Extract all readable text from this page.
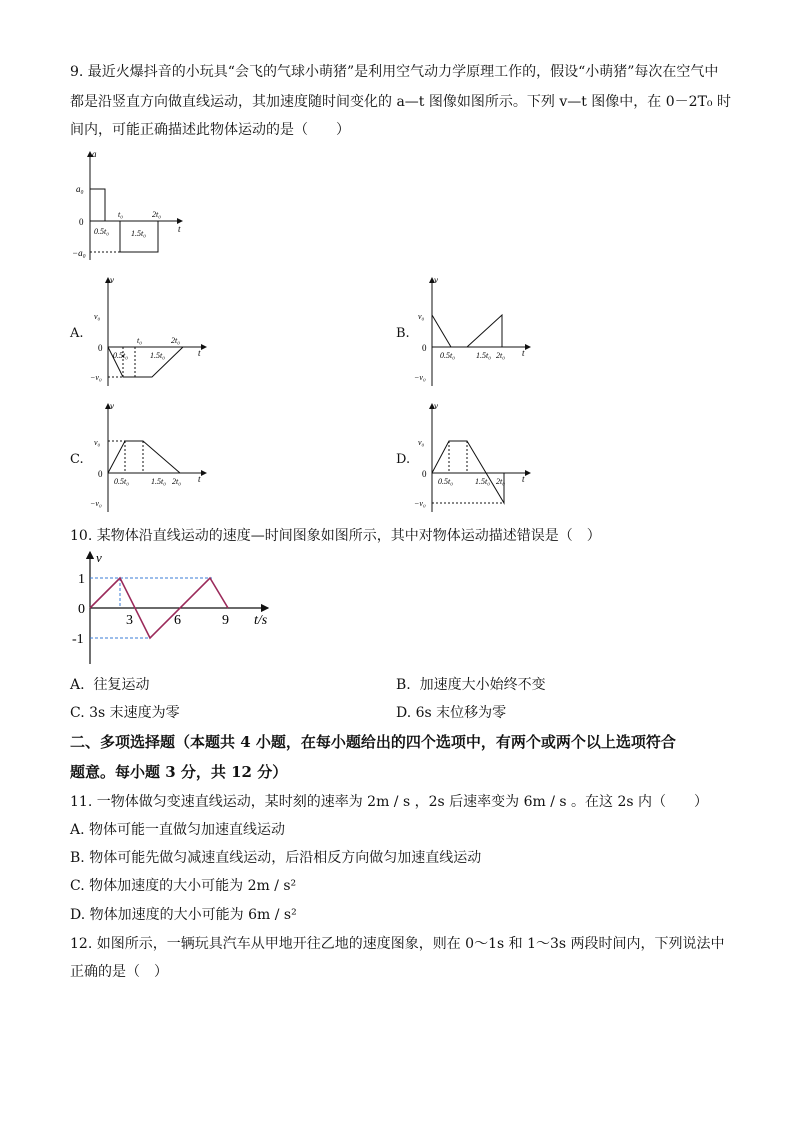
9. 最近火爆抖音的小玩具“会飞的气球小萌猪”是利用空气动力学原理工作的，假设“小萌猪”每次在空气中
都是沿竖直方向做直线运动，其加速度随时间变化的 a—t 图像如图所示。下列 v—t 图像中，在 0－2T₀ 时
间内，可能正确描述此物体运动的是（　　）
a
a₀
0
−a₀
t₀	2t₀
0.5t₀	1.5t₀	t
A.
v
v₀
0
−v₀
t₀	2t₀
0.5t₀	1.5t₀	t
B.
v
v₀
0
−v₀
0.5t₀	1.5t₀ 2t₀ t
C.
v
v₀
0
−v₀
0.5t₀	1.5t₀ 2t₀ t
D.
v
v₀
0
−v₀
0.5t₀	1.5t₀ 2t₀ t
10. 某物体沿直线运动的速度—时间图象如图所示，其中对物体运动描述错误是（　）
v
1
0
-1
3	6	9 t/s
A. 往复运动	B. 加速度大小始终不变
C. 3s 末速度为零	D. 6s 末位移为零
二、多项选择题（本题共 4 小题，在每小题给出的四个选项中，有两个或两个以上选项符合
题意。每小题 3 分，共 12 分）
11. 一物体做匀变速直线运动，某时刻的速率为 2m / s ，2s 后速率变为 6m / s 。在这 2s 内（　　）
A. 物体可能一直做匀加速直线运动
B. 物体可能先做匀减速直线运动，后沿相反方向做匀加速直线运动
C. 物体加速度的大小可能为 2m / s²
D. 物体加速度的大小可能为 6m / s²
12. 如图所示，一辆玩具汽车从甲地开往乙地的速度图象，则在 0～1s 和 1～3s 两段时间内，下列说法中
正确的是（　）
